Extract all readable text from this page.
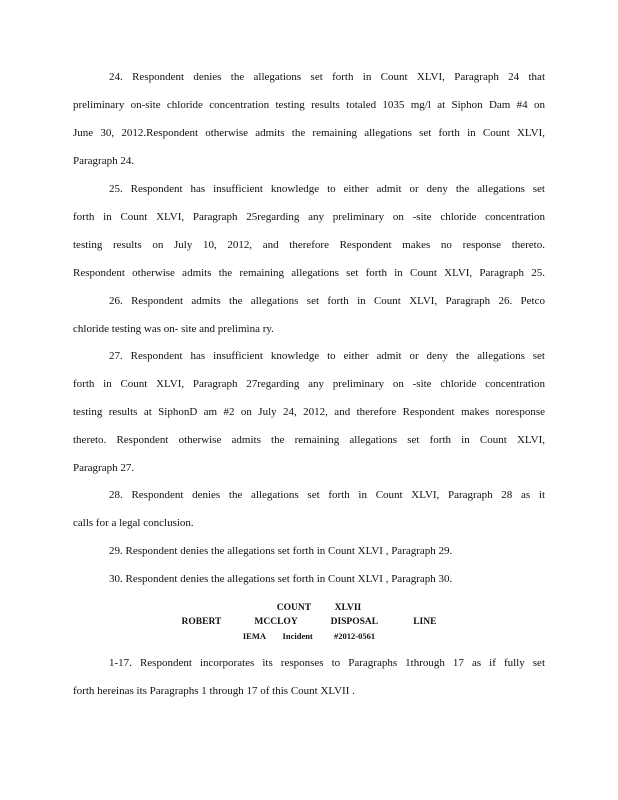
24. Respondent denies the allegations set forth in Count XLVI, Paragraph 24 that
preliminary on-site chloride concentration testing results totaled 1035 mg/l at Siphon Dam #4 on
June 30, 2012.Respondent otherwise admits the remaining allegations set forth in Count XLVI,
Paragraph 24.
25. Respondent has insufficient knowledge to either admit or deny the allegations set
forth in Count XLVI, Paragraph 25regarding any preliminary on -site chloride concentration
testing results on July 10, 2012, and therefore Respondent makes no response thereto.
Respondent otherwise admits the remaining allegations set forth in Count XLVI, Paragraph 25.
26. Respondent admits the allegations set forth in Count XLVI, Paragraph 26. Petco
chloride testing was on- site and prelimina ry.
27. Respondent has insufficient knowledge to either admit or deny the allegations set
forth in Count XLVI, Paragraph 27regarding any preliminary on -site chloride concentration
testing results at SiphonD am #2 on July 24, 2012, and therefore Respondent makes noresponse
thereto. Respondent otherwise admits the remaining allegations set forth in Count XLVI,
Paragraph 27.
28. Respondent denies the allegations set forth in Count XLVI, Paragraph 28 as it
calls for a legal conclusion.
29. Respondent denies the allegations set forth in Count XLVI , Paragraph 29.
30. Respondent denies the allegations set forth in Count XLVI , Paragraph 30.
COUNT          XLVII
ROBERT              MCCLOY              DISPOSAL               LINE
IEMA        Incident          #2012-0561
1-17. Respondent incorporates its responses to Paragraphs 1through 17 as if fully set
forth hereinas its Paragraphs 1 through 17 of this Count XLVII .
